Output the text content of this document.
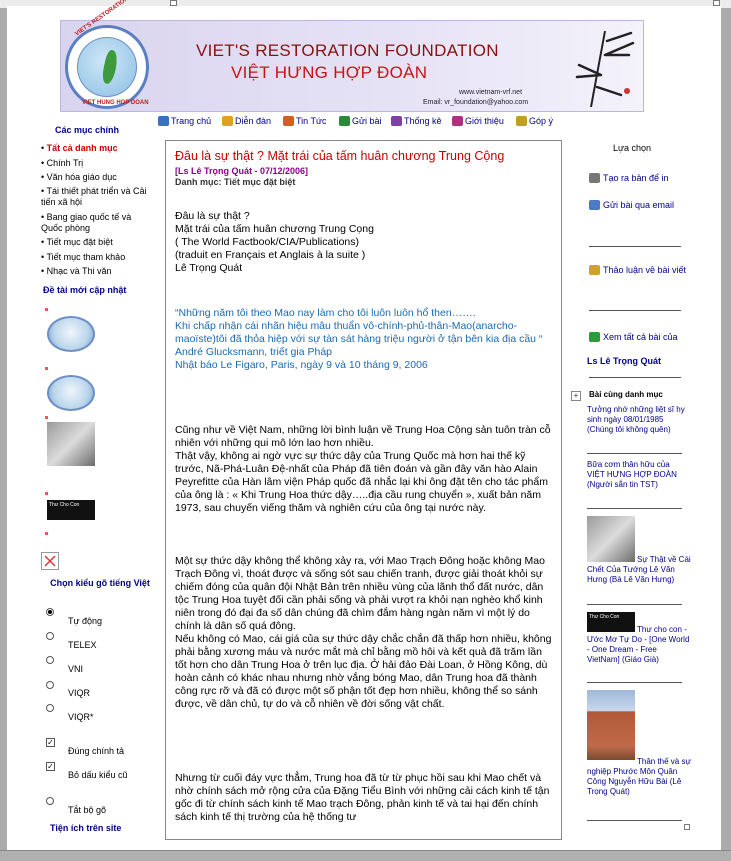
VIET HUNG HOP DOAN
VIET'S RESTORATION FOUNDATION
VIỆT HƯNG HỢP ĐOÀN
www.vietnam-vrf.net
Email: vr_foundation@yahoo.com
Trang chủ	Diễn đàn	Tin Tức	Gửi bài	Thống kê	Giới thiệu	Góp ý
Các mục chính
• Tất cả danh mục
• Chính Trị
• Văn hóa giáo dục
• Tái thiết phát triển và Cải tiến xã hội
• Bang giao quốc tế và Quốc phòng
• Tiết mục đặt biệt
• Tiết mục tham khảo
• Nhạc và Thi văn
Đề tài mới cập nhật
Thư Cho Con
Chọn kiểu gõ tiếng Việt
Tự động
TELEX
VNI
VIQR
VIQR*
✓
Đúng chính tả
✓
Bỏ dấu kiểu cũ
Tắt bộ gõ
Tiện ích trên site
Đâu là sự thật ? Mặt trái của tấm huân chương Trung Cộng
[Ls Lê Trọng Quát - 07/12/2006]
Danh mục: Tiết mục đặt biệt
Đâu là sự thật ?
Mặt trái của tấm huân chương Trung Cọng
( The World Factbook/CIA/Publications)
(traduit en Français et Anglais à la suite )
Lê Trọng Quát
“Những năm tôi theo Mao nay làm cho tôi luôn luôn hổ then…….
Khi chấp nhận cái nhãn hiệu mâu thuẩn vô-chính-phủ-thân-Mao(anarcho-maoïste)tôi đã thỏa hiệp với sự tàn sát hàng triệu người ở tận bên kia địa cầu “
André Glucksmann, triết gia Pháp
Nhật báo Le Figaro, Paris, ngày 9 và 10 tháng 9, 2006
Cũng như về Việt Nam, những lời bình luận về Trung Hoa Cộng sản tuôn tràn cỗ nhiên với những qui mô lớn lao hơn nhiều.
Thật vậy, không ai ngờ vực sự thức dậy của Trung Quốc mà hơn hai thế kỹ trước, Nã-Phá-Luân Đệ-nhất của Pháp đã tiên đoán và gần đây văn hào Alain Peyrefitte của Hàn lâm viện Pháp quốc đã nhắc lại khi ông đặt tên cho tác phẩm của ông là : « Khi Trung Hoa thức dậy…..địa cầu rung chuyển », xuất bản năm 1973, sau chuyến viếng thăm và nghiên cứu của ông tại nước này.
Một sự thức dậy không thể không xảy ra, với Mao Trạch Đông hoặc không Mao Trạch Đông vì, thoát được và sống sót sau chiến tranh, được giải thoát khỏi sự chiếm đóng của quân đội Nhật Bản trên nhiều vùng của lãnh thổ đất nước, dân tộc Trung Hoa tuyệt đối cần phải sống và phải vượt ra khỏi nạn nghèo khổ kinh niên trong đó đại đa số dân chúng đã chìm đắm hàng ngàn năm vì một lý do chính là dân số quá đông.
Nếu không có Mao, cái giá của sự thức dậy chắc chắn đã thấp hơn nhiều, không phải bằng xương máu và nước mắt mà chỉ bằng mồ hôi và kết quả đã trăm lần tốt hơn cho dân Trung Hoa ở trên lục địa. Ở hải đảo Đài Loan, ở Hồng Kông, dù hoàn cảnh có khác nhau nhưng nhờ vắng bóng Mao, dân Trung hoa đã thành công rực rỡ và đã có được một số phận tốt đẹp hơn nhiều, không thể so sánh được, về dân chủ, tự do và cỗ nhiên về đời sống vật chất.
Nhưng từ cuối đáy vực thẳm, Trung hoa đã từ từ phục hồi sau khi Mao chết và nhờ chính sách mở rộng cửa của Đặng Tiểu Bình với những cải cách kinh tế tận gốc đi từ chính sách kinh tế Mao trạch Đông, phản kinh tế và tai hại đến chính sách kinh tế thị trường của hệ thống tư
Lựa chọn
Tạo ra bản để in
Gửi bài qua email
Thảo luận về bài viết
Xem tất cả bài của
Ls Lê Trọng Quát
+	Bài cùng danh mục
Tưởng nhớ những liệt sĩ hy sinh ngày 08/01/1985 (Chúng tôi không quên)
Bữa cơm thân hữu của VIỆT HƯNG HỢP ĐOÀN (Người sắn tin TST)
Sự Thật về Cái Chết Của Tướng Lê Văn Hưng (Bà Lê Văn Hưng)
Thư Cho Con
Thư cho con - Ước Mơ Tự Do - [One World - One Dream - Free VietNam] (Giáo Già)
Thân thế và sự nghiệp Phước Môn Quân Công Nguyễn Hữu Bài (Lê Trọng Quát)
